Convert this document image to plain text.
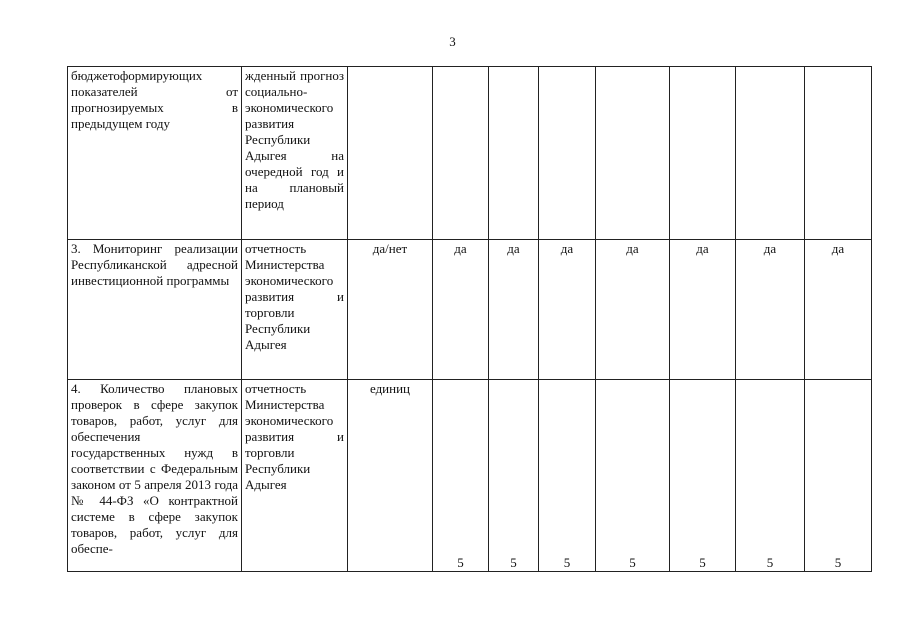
3
бюджетоформирующих показателей от прогнозируемых в предыдущем году	жденный прогноз социально-экономического развития Республики Адыгея на очередной год и на плановый период								

3. Мониторинг реализации Республиканской адресной инвестиционной программы	отчетность Министерства экономического развития и торговли Республики Адыгея	да/нет	да	да	да	да	да	да	да

4. Количество плановых проверок в сфере закупок товаров, работ, услуг для обеспечения государственных нужд в соответствии с Федеральным законом от 5 апреля 2013 года № 44-ФЗ «О контрактной системе в сфере закупок товаров, работ, услуг для обеспе-	отчетность Министерства экономического развития и торговли Республики Адыгея	единиц	5	5	5	5	5	5	5
